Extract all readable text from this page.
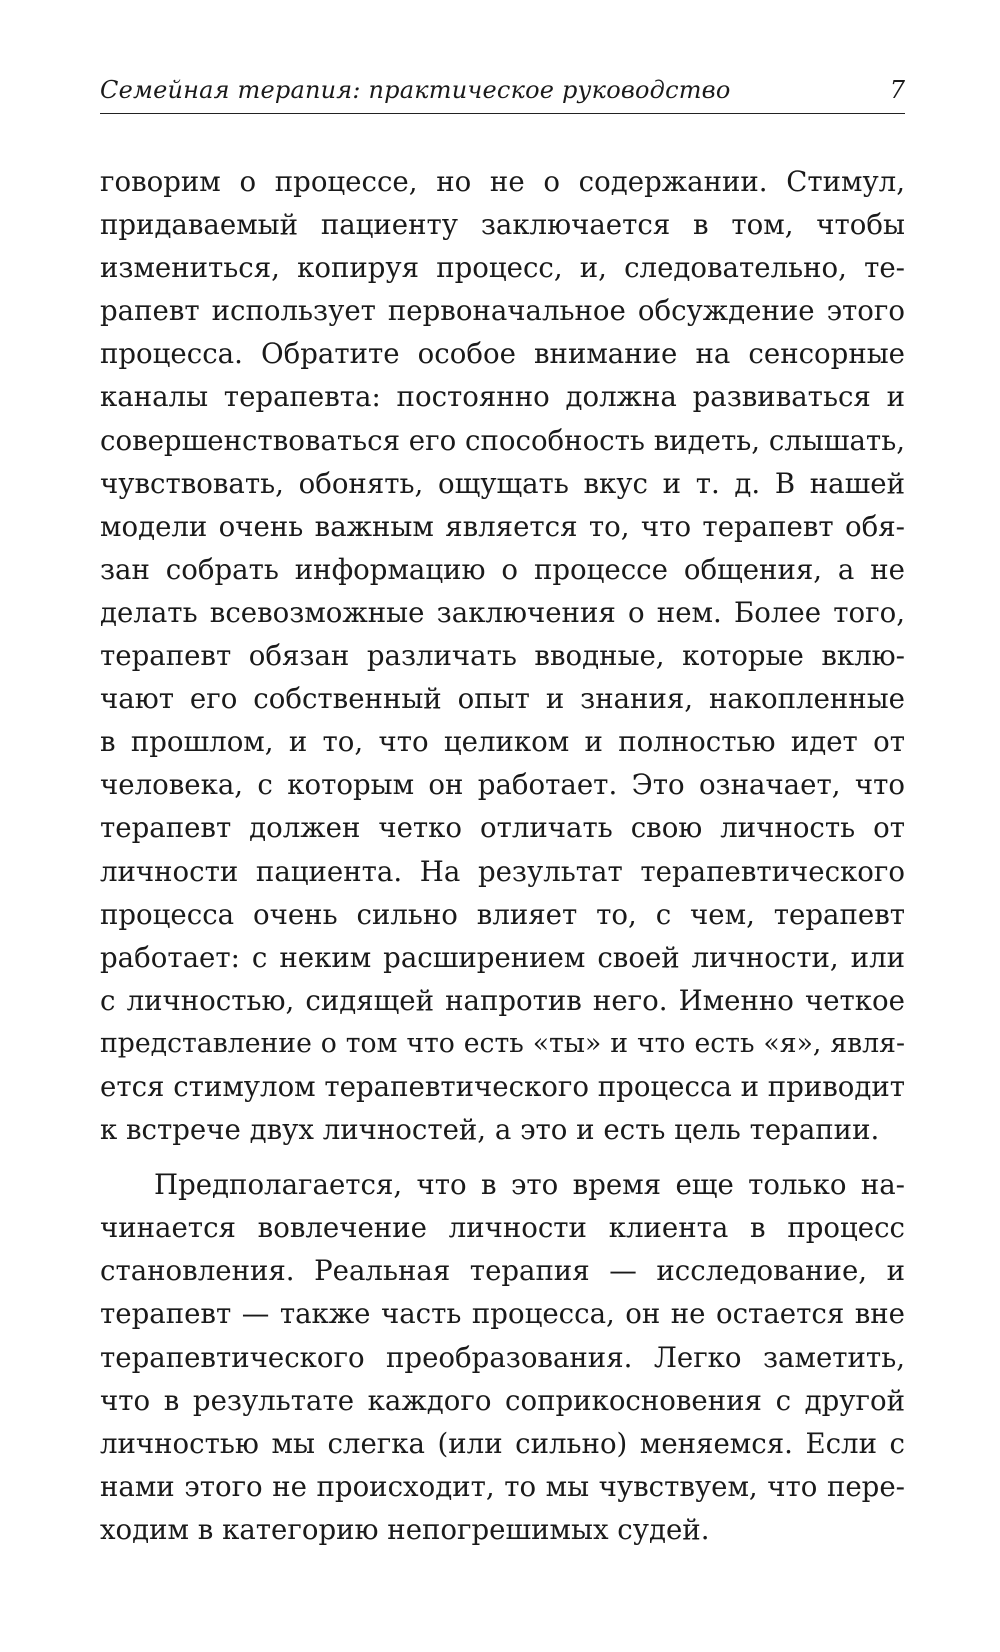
Семейная терапия: практическое руководство	7
говорим о процессе, но не о содержании. Стимул,
придаваемый пациенту заключается в том, чтобы
измениться, копируя процесс, и, следовательно, те-
рапевт использует первоначальное обсуждение этого
процесса. Обратите особое внимание на сенсорные
каналы терапевта: постоянно должна развиваться и
совершенствоваться его способность видеть, слышать,
чувствовать, обонять, ощущать вкус и т. д. В нашей
модели очень важным является то, что терапевт обя-
зан собрать информацию о процессе общения, а не
делать всевозможные заключения о нем. Более того,
терапевт обязан различать вводные, которые вклю-
чают его собственный опыт и знания, накопленные
в прошлом, и то, что целиком и полностью идет от
человека, с которым он работает. Это означает, что
терапевт должен четко отличать свою личность от
личности пациента. На результат терапевтического
процесса очень сильно влияет то, с чем, терапевт
работает: с неким расширением своей личности, или
с личностью, сидящей напротив него. Именно четкое
представление о том что есть «ты» и что есть «я», явля-
ется стимулом терапевтического процесса и приводит
к встрече двух личностей, а это и есть цель терапии.
Предполагается, что в это время еще только на-
чинается вовлечение личности клиента в процесс
становления. Реальная терапия — исследование, и
терапевт — также часть процесса, он не остается вне
терапевтического преобразования. Легко заметить,
что в результате каждого соприкосновения с другой
личностью мы слегка (или сильно) меняемся. Если с
нами этого не происходит, то мы чувствуем, что пере-
ходим в категорию непогрешимых судей.
